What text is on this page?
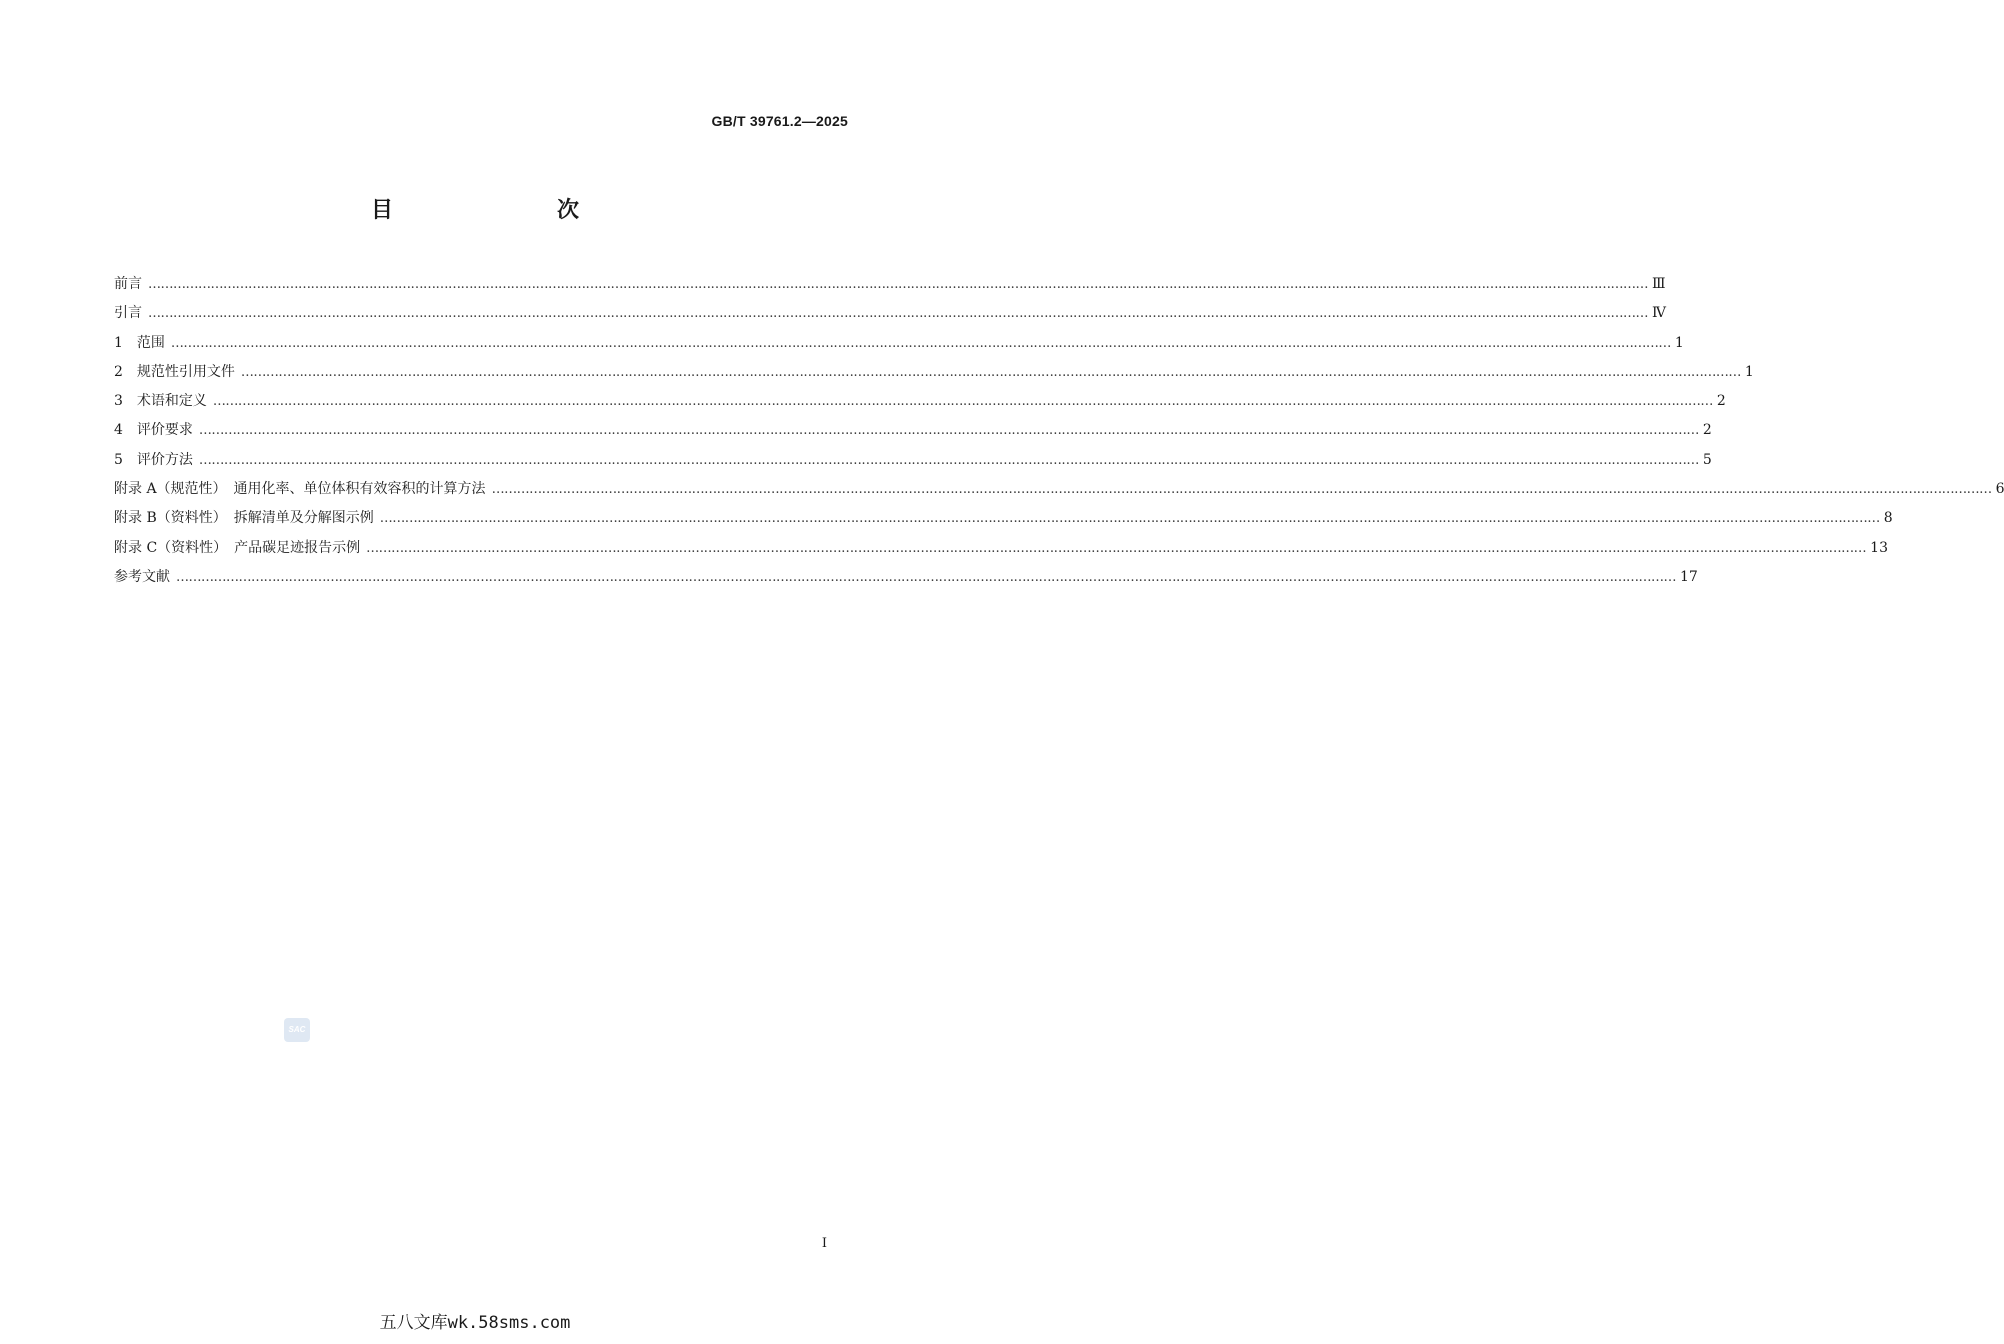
GB/T 39761.2—2025
目　　次
前言 ……………………………………………………………………………………………………………………………………………………………………………………………………………………………………………………………………………………………………………………………… Ⅲ
引言 ……………………………………………………………………………………………………………………………………………………………………………………………………………………………………………………………………………………………………………………………… Ⅳ
1　范围 ……………………………………………………………………………………………………………………………………………………………………………………………………………………………………………………………………………………………………………………………… 1
2　规范性引用文件 ……………………………………………………………………………………………………………………………………………………………………………………………………………………………………………………………………………………………………………………………… 1
3　术语和定义 ……………………………………………………………………………………………………………………………………………………………………………………………………………………………………………………………………………………………………………………………… 2
4　评价要求 ……………………………………………………………………………………………………………………………………………………………………………………………………………………………………………………………………………………………………………………………… 2
5　评价方法 ……………………………………………………………………………………………………………………………………………………………………………………………………………………………………………………………………………………………………………………………… 5
附录 A（规范性）　通用化率、单位体积有效容积的计算方法 ……………………………………………………………………………………………………………………………………………………………………………………………………………………………………………………………………………………………………………………………… 6
附录 B（资料性）　拆解清单及分解图示例 ……………………………………………………………………………………………………………………………………………………………………………………………………………………………………………………………………………………………………………………………… 8
附录 C（资料性）　产品碳足迹报告示例 ……………………………………………………………………………………………………………………………………………………………………………………………………………………………………………………………………………………………………………………………… 13
参考文献 ……………………………………………………………………………………………………………………………………………………………………………………………………………………………………………………………………………………………………………………………… 17
SAC
I
五八文库wk.58sms.com
